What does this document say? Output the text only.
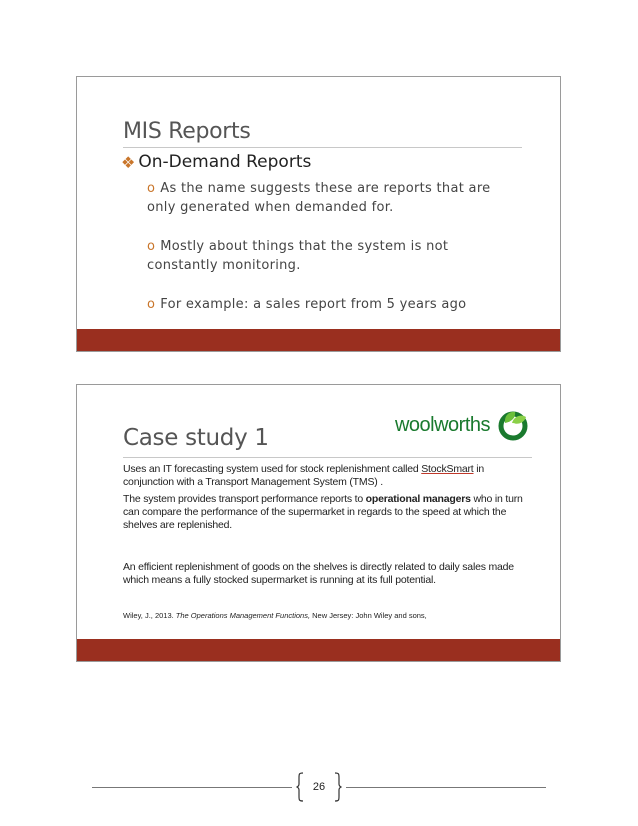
MIS Reports
❖ On-Demand Reports
o As the name suggests these are reports that are only generated when demanded for.
o Mostly about things that the system is not constantly monitoring.
o For example: a sales report from 5 years ago
Case study 1
woolworths
Uses an IT forecasting system used for stock replenishment called StockSmart in conjunction with a Transport Management System (TMS) .
The system provides transport performance reports to operational managers who in turn can compare the performance of the supermarket in regards to the speed at which the shelves are replenished.
An efficient replenishment of goods on the shelves is directly related to daily sales made which means a fully stocked supermarket is running at its full potential.
Wiley, J., 2013. The Operations Management Functions, New Jersey: John Wiley and sons,
26
